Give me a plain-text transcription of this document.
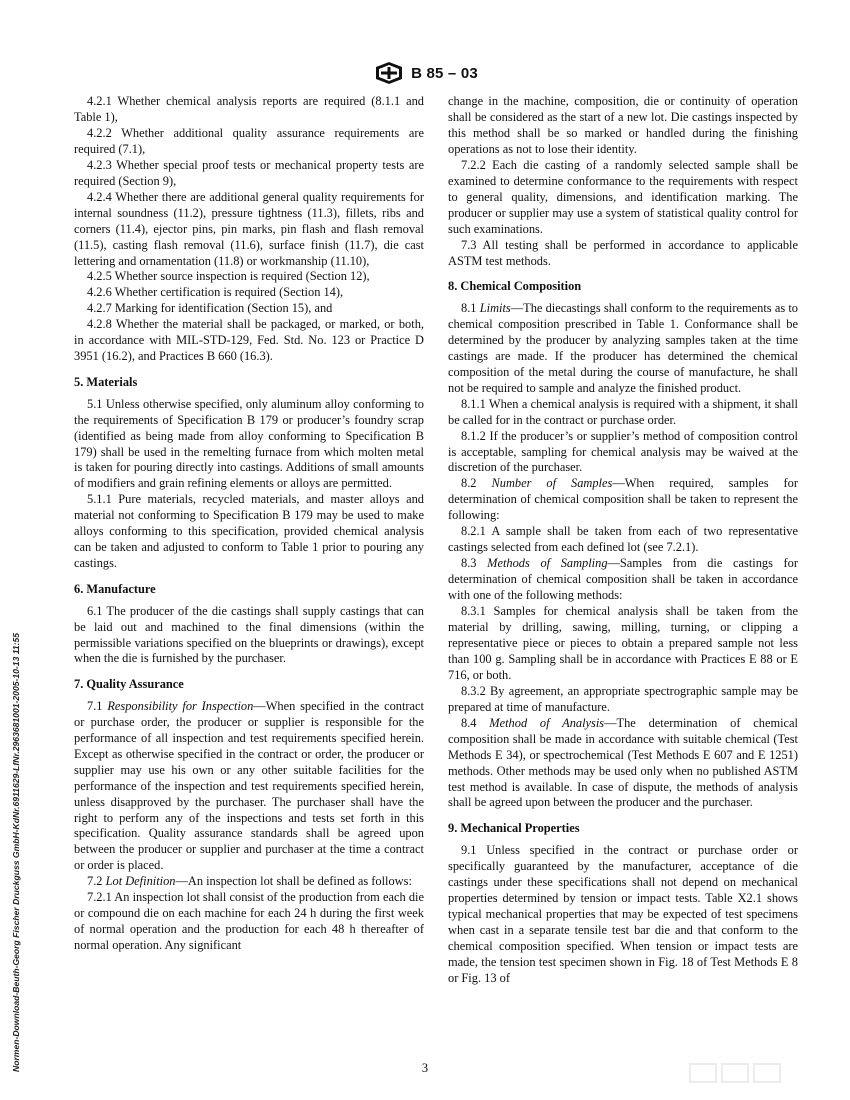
B 85 – 03

4.2.1 Whether chemical analysis reports are required (8.1.1 and Table 1),

4.2.2 Whether additional quality assurance requirements are required (7.1),

4.2.3 Whether special proof tests or mechanical property tests are required (Section 9),

4.2.4 Whether there are additional general quality requirements for internal soundness (11.2), pressure tightness (11.3), fillets, ribs and corners (11.4), ejector pins, pin marks, pin flash and flash removal (11.5), casting flash removal (11.6), surface finish (11.7), die cast lettering and ornamentation (11.8) or workmanship (11.10),

4.2.5 Whether source inspection is required (Section 12),

4.2.6 Whether certification is required (Section 14),

4.2.7 Marking for identification (Section 15), and

4.2.8 Whether the material shall be packaged, or marked, or both, in accordance with MIL-STD-129, Fed. Std. No. 123 or Practice D 3951 (16.2), and Practices B 660 (16.3).

5. Materials

5.1 Unless otherwise specified, only aluminum alloy conforming to the requirements of Specification B 179 or producer’s foundry scrap (identified as being made from alloy conforming to Specification B 179) shall be used in the remelting furnace from which molten metal is taken for pouring directly into castings. Additions of small amounts of modifiers and grain refining elements or alloys are permitted.

5.1.1 Pure materials, recycled materials, and master alloys and material not conforming to Specification B 179 may be used to make alloys conforming to this specification, provided chemical analysis can be taken and adjusted to conform to Table 1 prior to pouring any castings.

6. Manufacture

6.1 The producer of the die castings shall supply castings that can be laid out and machined to the final dimensions (within the permissible variations specified on the blueprints or drawings), except when the die is furnished by the purchaser.

7. Quality Assurance

7.1 Responsibility for Inspection—When specified in the contract or purchase order, the producer or supplier is responsible for the performance of all inspection and test requirements specified herein. Except as otherwise specified in the contract or order, the producer or supplier may use his own or any other suitable facilities for the performance of the inspection and test requirements specified herein, unless disapproved by the purchaser. The purchaser shall have the right to perform any of the inspections and tests set forth in this specification. Quality assurance standards shall be agreed upon between the producer or supplier and purchaser at the time a contract or order is placed.

7.2 Lot Definition—An inspection lot shall be defined as follows:

7.2.1 An inspection lot shall consist of the production from each die or compound die on each machine for each 24 h during the first week of normal operation and the production for each 48 h thereafter of normal operation. Any significant

change in the machine, composition, die or continuity of operation shall be considered as the start of a new lot. Die castings inspected by this method shall be so marked or handled during the finishing operations as not to lose their identity.

7.2.2 Each die casting of a randomly selected sample shall be examined to determine conformance to the requirements with respect to general quality, dimensions, and identification marking. The producer or supplier may use a system of statistical quality control for such examinations.

7.3 All testing shall be performed in accordance to applicable ASTM test methods.

8. Chemical Composition

8.1 Limits—The diecastings shall conform to the requirements as to chemical composition prescribed in Table 1. Conformance shall be determined by the producer by analyzing samples taken at the time castings are made. If the producer has determined the chemical composition of the metal during the course of manufacture, he shall not be required to sample and analyze the finished product.

8.1.1 When a chemical analysis is required with a shipment, it shall be called for in the contract or purchase order.

8.1.2 If the producer’s or supplier’s method of composition control is acceptable, sampling for chemical analysis may be waived at the discretion of the purchaser.

8.2 Number of Samples—When required, samples for determination of chemical composition shall be taken to represent the following:

8.2.1 A sample shall be taken from each of two representative castings selected from each defined lot (see 7.2.1).

8.3 Methods of Sampling—Samples from die castings for determination of chemical composition shall be taken in accordance with one of the following methods:

8.3.1 Samples for chemical analysis shall be taken from the material by drilling, sawing, milling, turning, or clipping a representative piece or pieces to obtain a prepared sample not less than 100 g. Sampling shall be in accordance with Practices E 88 or E 716, or both.

8.3.2 By agreement, an appropriate spectrographic sample may be prepared at time of manufacture.

8.4 Method of Analysis—The determination of chemical composition shall be made in accordance with suitable chemical (Test Methods E 34), or spectrochemical (Test Methods E 607 and E 1251) methods. Other methods may be used only when no published ASTM test method is available. In case of dispute, the methods of analysis shall be agreed upon between the producer and the purchaser.

9. Mechanical Properties

9.1 Unless specified in the contract or purchase order or specifically guaranteed by the manufacturer, acceptance of die castings under these specifications shall not depend on mechanical properties determined by tension or impact tests. Table X2.1 shows typical mechanical properties that may be expected of test specimens when cast in a separate tensile test bar die and that conform to the chemical composition specified. When tension or impact tests are made, the tension test specimen shown in Fig. 18 of Test Methods E 8 or Fig. 13 of

Normen-Download-Beuth-Georg Fischer Druckguss GmbH-KdNr.6911629-LfNr.2963681001-2005-10-13 11:55	3
